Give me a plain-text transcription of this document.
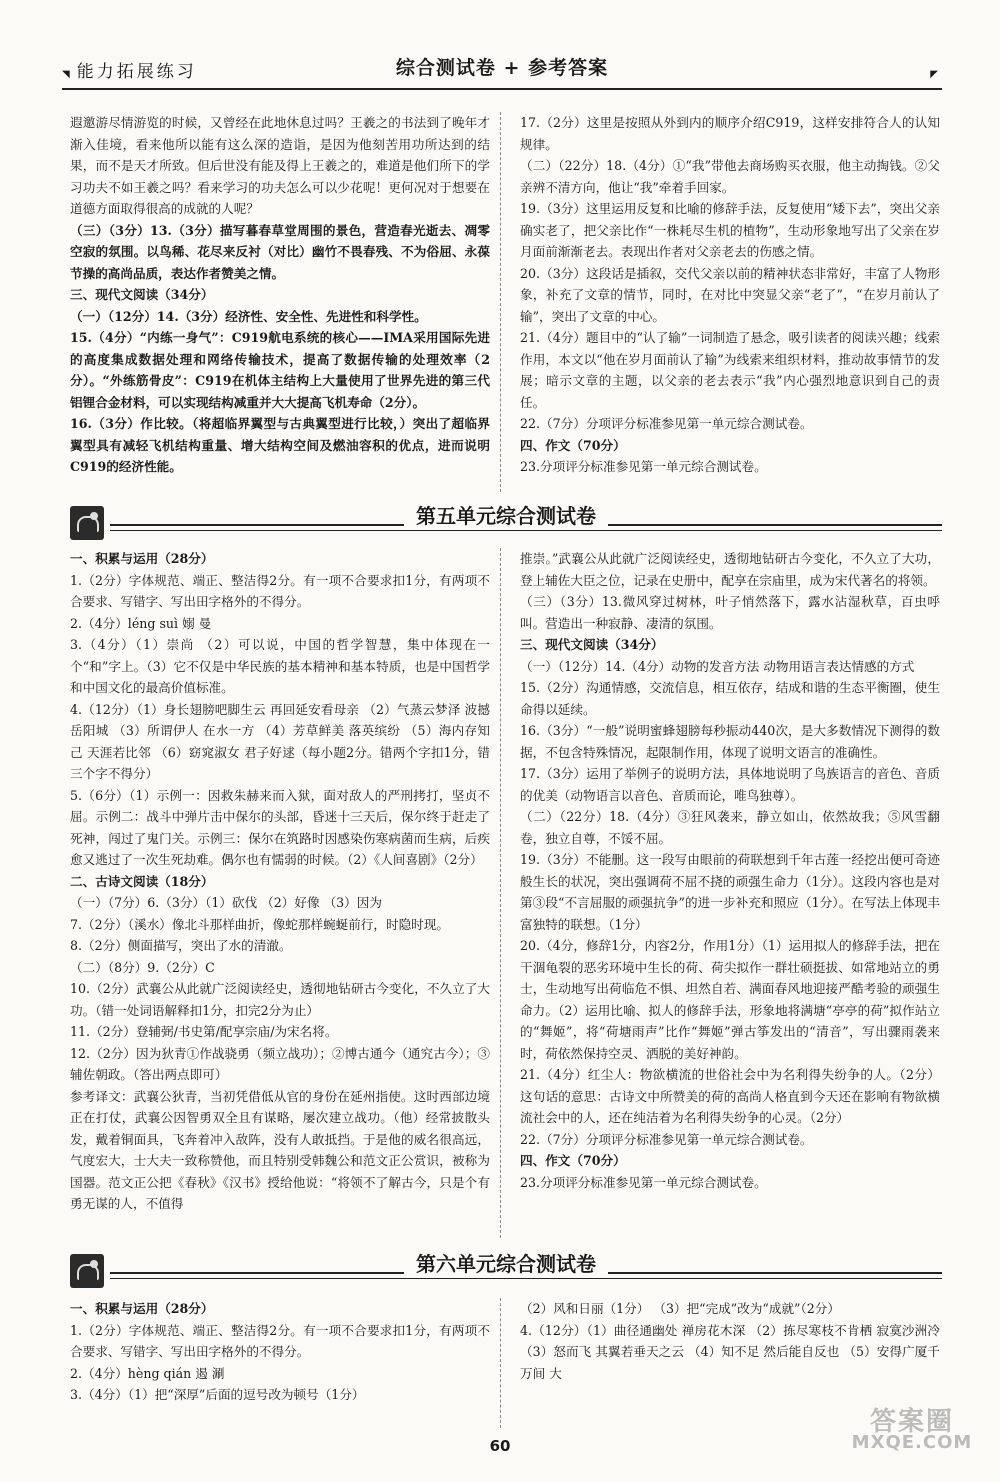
◥ 能力拓展练习	综合测试卷 + 参考答案	◤

遐邀游尽情游览的时候，又曾经在此地休息过吗？王羲之的书法到了晚年才渐入佳境，看来他所以能有这么深的造诣，是因为他刻苦用功所达到的结果，而不是天才所致。但后世没有能及得上王羲之的，难道是他们所下的学习功夫不如王羲之吗？看来学习的功夫怎么可以少花呢！更何况对于想要在道德方面取得很高的成就的人呢？

（三）（3分）13.（3分）描写暮春草堂周围的景色，营造春光逝去、凋零空寂的氛围。以鸟稀、花尽来反衬（对比）幽竹不畏春残、不为俗屈、永葆节操的高尚品质，表达作者赞美之情。

三、现代文阅读（34分）

（一）（12分）14.（3分）经济性、安全性、先进性和科学性。

15.（4分）“内练一身气”：C919航电系统的核心——IMA采用国际先进的高度集成数据处理和网络传输技术，提高了数据传输的处理效率（2分）。“外练筋骨皮”：C919在机体主结构上大量使用了世界先进的第三代铝锂合金材料，可以实现结构减重并大大提高飞机寿命（2分）。

16.（3分）作比较。（将超临界翼型与古典翼型进行比较，）突出了超临界翼型具有减轻飞机结构重量、增大结构空间及燃油容积的优点，进而说明C919的经济性能。

17.（2分）这里是按照从外到内的顺序介绍C919，这样安排符合人的认知规律。

（二）（22分）18.（4分）①“我”带他去商场购买衣服，他主动掏钱。②父亲辨不清方向，他让“我”牵着手回家。

19.（3分）这里运用反复和比喻的修辞手法，反复使用“矮下去”，突出父亲确实老了，把父亲比作“一株耗尽生机的植物”，生动形象地写出了父亲在岁月面前渐渐老去。表现出作者对父亲老去的伤感之情。

20.（3分）这段话是插叙，交代父亲以前的精神状态非常好，丰富了人物形象，补充了文章的情节，同时，在对比中突显父亲“老了”，“在岁月前认了输”，突出了文章的中心。

21.（4分）题目中的“认了输”一词制造了悬念，吸引读者的阅读兴趣；线索作用，本文以“他在岁月面前认了输”为线索来组织材料，推动故事情节的发展；暗示文章的主题，以父亲的老去表示“我”内心强烈地意识到自己的责任。

22.（7分）分项评分标准参见第一单元综合测试卷。

四、作文（70分）

23.分项评分标准参见第一单元综合测试卷。

第五单元综合测试卷

一、积累与运用（28分）

1.（2分）字体规范、端正、整洁得2分。有一项不合要求扣1分，有两项不合要求、写错字、写出田字格外的不得分。

2.（4分）léng suì 嫋 曼

3.（4分）（1）崇尚 （2）可以说，中国的哲学智慧，集中体现在一个“和”字上。（3）它不仅是中华民族的基本精神和基本特质，也是中国哲学和中国文化的最高价值标准。

4.（12分）（1）身长翅膀吧脚生云 再回延安看母亲 （2）气蒸云梦泽 波撼岳阳城 （3）所谓伊人 在水一方 （4）芳草鲜美 落英缤纷 （5）海内存知己 天涯若比邻 （6）窈窕淑女 君子好逑（每小题2分。错两个字扣1分，错三个字不得分）

5.（6分）（1）示例一：因救朱赫来而入狱，面对敌人的严刑拷打，坚贞不屈。示例二：战斗中弹片击中保尔的头部，昏迷十三天后，保尔终于赶走了死神，闯过了鬼门关。示例三：保尔在筑路时因感染伤寒病菌而生病，后疾愈又逃过了一次生死劫难。偶尔也有懦弱的时候。（2）《人间喜剧》（2分）

二、古诗文阅读（18分）

（一）（7分）6.（3分）（1）砍伐 （2）好像 （3）因为

7.（2分）（溪水）像北斗那样曲折，像蛇那样蜿蜒前行，时隐时现。

8.（2分）侧面描写，突出了水的清澈。

（二）（8分）9.（2分）C

10.（2分）武襄公从此就广泛阅读经史，透彻地钻研古今变化，不久立了大功。（错一处词语解释扣1分，扣完2分为止）

11.（2分）登辅弼/书史第/配享宗庙/为宋名将。

12.（2分）因为狄青①作战骁勇（频立战功）；②博古通今（通究古今）；③辅佐朝政。（答出两点即可）

参考译文：武襄公狄青，当初凭借低从官的身份在延州指使。这时西部边境正在打仗，武襄公因智勇双全且有谋略，屡次建立战功。（他）经常披散头发，戴着铜面具，飞奔着冲入敌阵，没有人敢抵挡。于是他的威名很高远，气度宏大，士大夫一致称赞他，而且特别受韩魏公和范文正公赏识，被称为国器。范文正公把《春秋》《汉书》授给他说：“将领不了解古今，只是个有勇无谋的人，不值得

推崇。”武襄公从此就广泛阅读经史，透彻地钻研古今变化，不久立了大功，登上辅佐大臣之位，记录在史册中，配享在宗庙里，成为宋代著名的将领。

（三）（3分）13.微风穿过树林，叶子悄然落下，露水沾湿秋草，百虫呼叫。营造出一种寂静、凄清的氛围。

三、现代文阅读（34分）

（一）（12分）14.（4分）动物的发音方法 动物用语言表达情感的方式

15.（2分）沟通情感，交流信息，相互依存，结成和谐的生态平衡圈，使生命得以延续。

16.（3分）“一般”说明蜜蜂翅膀每秒振动440次，是大多数情况下测得的数据，不包含特殊情况，起限制作用，体现了说明文语言的准确性。

17.（3分）运用了举例子的说明方法，具体地说明了鸟族语言的音色、音质的优美（动物语言以音色、音质而论，唯鸟独尊）。

（二）（22分）18.（4分）③狂风袭来，静立如山，依然故我；⑤风雪翻卷，独立自尊，不馁不屈。

19.（3分）不能删。这一段写由眼前的荷联想到千年古莲一经挖出便可奇迹般生长的状况，突出强调荷不屈不挠的顽强生命力（1分）。这段内容也是对第③段“不言屈服的顽强抗争”的进一步补充和照应（1分）。在写法上体现丰富独特的联想。（1分）

20.（4分，修辞1分，内容2分，作用1分）（1）运用拟人的修辞手法，把在干涸龟裂的恶劣环境中生长的荷、荷尖拟作一群壮硕挺拔、如常地站立的勇士，生动地写出荷临危不惧、坦然自若、满面春风地迎接严酷考验的顽强生命力。（2）运用比喻、拟人的修辞手法，形象地将满塘“亭亭的荷”拟作站立的“舞姬”，将“荷塘雨声”比作“舞姬”弹古筝发出的“清音”，写出骤雨袭来时，荷依然保持空灵、洒脱的美好神韵。

21.（4分）红尘人：物欲横流的世俗社会中为名利得失纷争的人。（2分）这句话的意思：古诗文中所赞美的荷的高尚人格直到今天还在影响有物欲横流社会中的人，还在纯洁着为名利得失纷争的心灵。（2分）

22.（7分）分项评分标准参见第一单元综合测试卷。

四、作文（70分）

23.分项评分标准参见第一单元综合测试卷。

第六单元综合测试卷

一、积累与运用（28分）

1.（2分）字体规范、端正、整洁得2分。有一项不合要求扣1分，有两项不合要求、写错字、写出田字格外的不得分。

2.（4分）hèng qián 遏 涮

3.（4分）（1）把“深厚”后面的逗号改为顿号（1分）

（2）风和日丽（1分） （3）把“完成”改为“成就”（2分）

4.（12分）（1）曲径通幽处 禅房花木深 （2）拣尽寒枝不肯栖 寂寞沙洲冷 （3）怒而飞 其翼若垂天之云 （4）知不足 然后能自反也 （5）安得广厦千万间 大

60
答案圈
MXQE.COM
